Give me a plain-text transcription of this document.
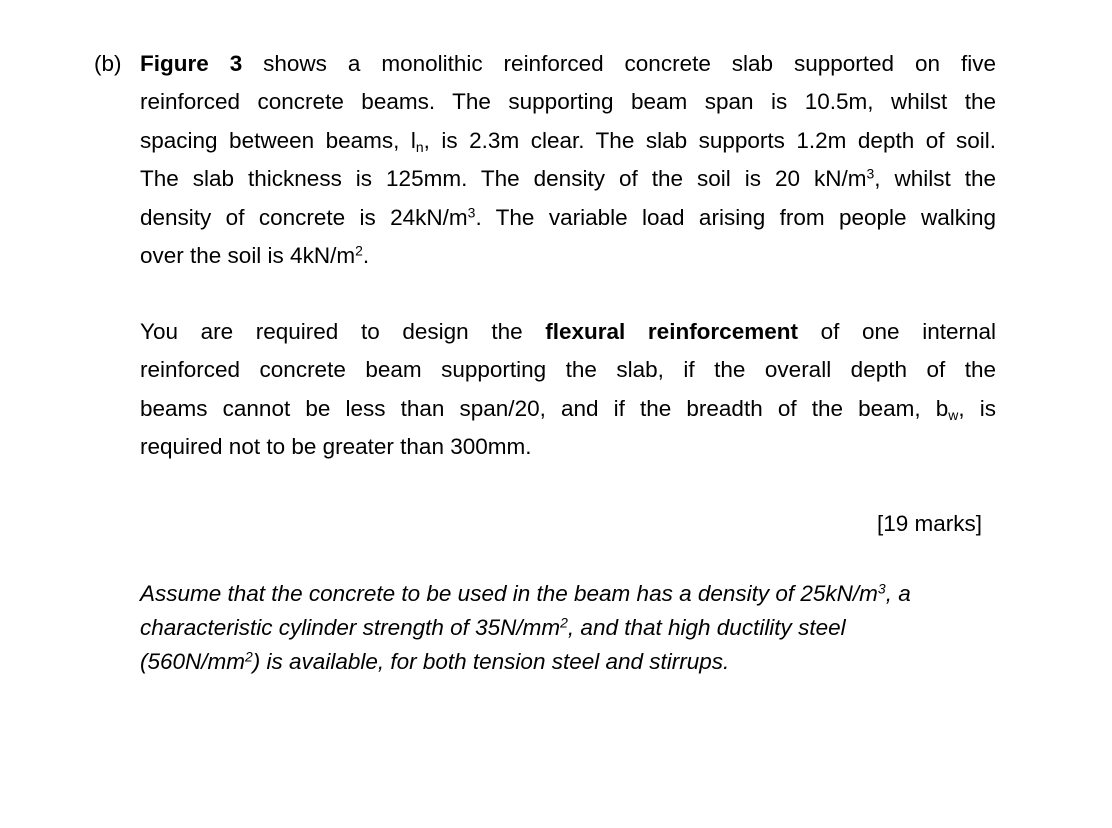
(b) Figure 3 shows a monolithic reinforced concrete slab supported on five
reinforced concrete beams. The supporting beam span is 10.5m, whilst the
spacing between beams, $l_n$, is 2.3m clear. The slab supports 1.2m depth of soil.
The slab thickness is 125mm. The density of the soil is 20 $kN/m^3$, whilst the
density of concrete is $24kN/m^3$. The variable load arising from people walking
over the soil is $4kN/m^2$.
You are required to design the flexural reinforcement of one internal
reinforced concrete beam supporting the slab, if the overall depth of the
beams cannot be less than span/20, and if the breadth of the beam, $b_w$, is
required not to be greater than 300mm.
[19 marks]
Assume that the concrete to be used in the beam has a density of $25kN/m^3$, a
characteristic cylinder strength of $35N/mm^2$, and that high ductility steel
$(560N/mm^2)$ is available, for both tension steel and stirrups.
